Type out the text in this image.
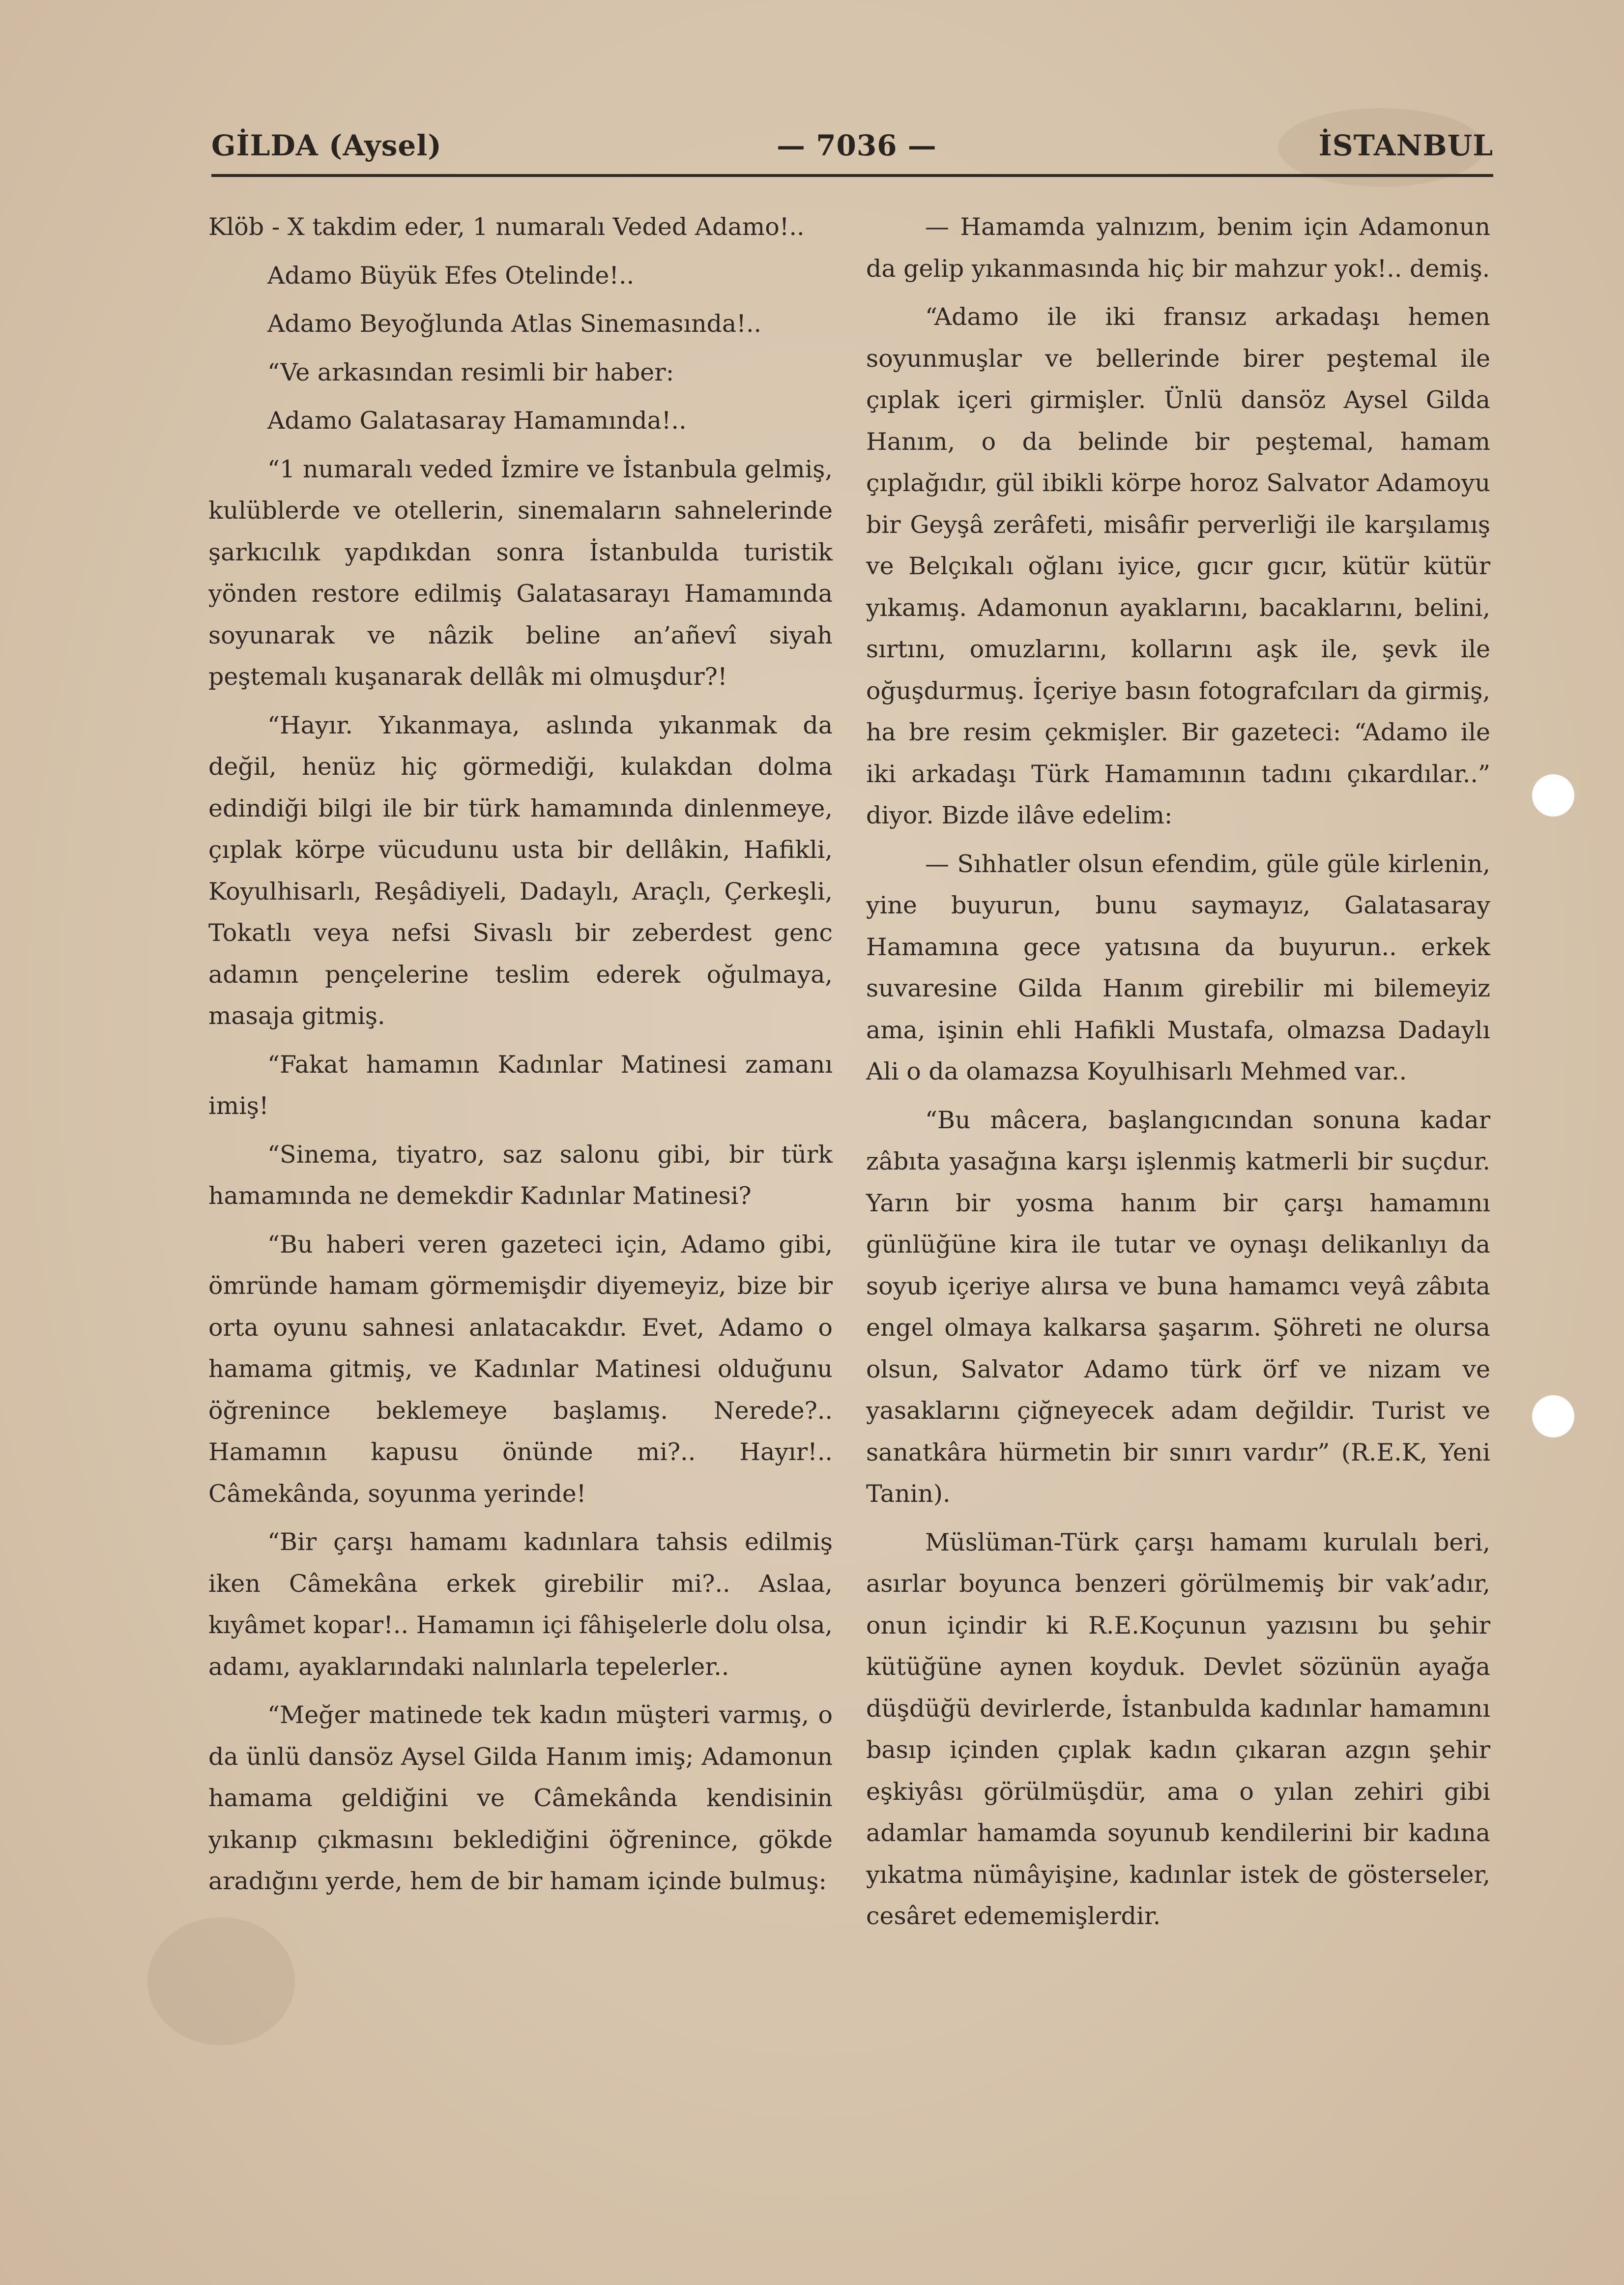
GİLDA (Aysel)	— 7036 —	İSTANBUL

Klöb - X takdim eder, 1 numaralı Veded Adamo!..

Adamo Büyük Efes Otelinde!..

Adamo Beyoğlunda Atlas Sinemasında!..

“Ve arkasından resimli bir haber:

Adamo Galatasaray Hamamında!..

“1 numaralı veded İzmire ve İstanbula gelmiş, kulüblerde ve otellerin, sinemaların sahnelerinde şarkıcılık yapdıkdan sonra İstanbulda turistik yönden restore edilmiş Galatasarayı Hamamında soyunarak ve nâzik beline an’añevî siyah peştemalı kuşanarak dellâk mi olmuşdur?!

“Hayır. Yıkanmaya, aslında yıkanmak da değil, henüz hiç görmediği, kulakdan dolma edindiği bilgi ile bir türk hamamında dinlenmeye, çıplak körpe vücudunu usta bir dellâkin, Hafikli, Koyulhisarlı, Reşâdiyeli, Dadaylı, Araçlı, Çerkeşli, Tokatlı veya nefsi Sivaslı bir zeberdest genc adamın pençelerine teslim ederek oğulmaya, masaja gitmiş.

“Fakat hamamın Kadınlar Matinesi zamanı imiş!

“Sinema, tiyatro, saz salonu gibi, bir türk hamamında ne demekdir Kadınlar Matinesi?

“Bu haberi veren gazeteci için, Adamo gibi, ömründe hamam görmemişdir diyemeyiz, bize bir orta oyunu sahnesi anlatacakdır. Evet, Adamo o hamama gitmiş, ve Kadınlar Matinesi olduğunu öğrenince beklemeye başlamış. Nerede?.. Hamamın kapusu önünde mi?.. Hayır!.. Câmekânda, soyunma yerinde!

“Bir çarşı hamamı kadınlara tahsis edilmiş iken Câmekâna erkek girebilir mi?.. Aslaa, kıyâmet kopar!.. Hamamın içi fâhişelerle dolu olsa, adamı, ayaklarındaki nalınlarla tepelerler..

“Meğer matinede tek kadın müşteri varmış, o da ünlü dansöz Aysel Gilda Hanım imiş; Adamonun hamama geldiğini ve Câmekânda kendisinin yıkanıp çıkmasını beklediğini öğrenince, gökde aradığını yerde, hem de bir hamam içinde bulmuş:

— Hamamda yalnızım, benim için Adamonun da gelip yıkanmasında hiç bir mahzur yok!.. demiş.

“Adamo ile iki fransız arkadaşı hemen soyunmuşlar ve bellerinde birer peştemal ile çıplak içeri girmişler. Ünlü dansöz Aysel Gilda Hanım, o da belinde bir peştemal, hamam çıplağıdır, gül ibikli körpe horoz Salvator Adamoyu bir Geyşâ zerâfeti, misâfir perverliği ile karşılamış ve Belçıkalı oğlanı iyice, gıcır gıcır, kütür kütür yıkamış. Adamonun ayaklarını, bacaklarını, belini, sırtını, omuzlarını, kollarını aşk ile, şevk ile oğuşdurmuş. İçeriye basın fotografcıları da girmiş, ha bre resim çekmişler. Bir gazeteci: “Adamo ile iki arkadaşı Türk Hamamının tadını çıkardılar..” diyor. Bizde ilâve edelim:

— Sıhhatler olsun efendim, güle güle kirlenin, yine buyurun, bunu saymayız, Galatasaray Hamamına gece yatısına da buyurun.. erkek suvaresine Gilda Hanım girebilir mi bilemeyiz ama, işinin ehli Hafikli Mustafa, olmazsa Dadaylı Ali o da olamazsa Koyulhisarlı Mehmed var..

“Bu mâcera, başlangıcından sonuna kadar zâbıta yasağına karşı işlenmiş katmerli bir suçdur. Yarın bir yosma hanım bir çarşı hamamını günlüğüne kira ile tutar ve oynaşı delikanlıyı da soyub içeriye alırsa ve buna hamamcı veyâ zâbıta engel olmaya kalkarsa şaşarım. Şöhreti ne olursa olsun, Salvator Adamo türk örf ve nizam ve yasaklarını çiğneyecek adam değildir. Turist ve sanatkâra hürmetin bir sınırı vardır” (R.E.K, Yeni Tanin).

Müslüman-Türk çarşı hamamı kurulalı beri, asırlar boyunca benzeri görülmemiş bir vak’adır, onun içindir ki R.E.Koçunun yazısını bu şehir kütüğüne aynen koyduk. Devlet sözünün ayağa düşdüğü devirlerde, İstanbulda kadınlar hamamını basıp içinden çıplak kadın çıkaran azgın şehir eşkiyâsı görülmüşdür, ama o yılan zehiri gibi adamlar hamamda soyunub kendilerini bir kadına yıkatma nümâyişine, kadınlar istek de gösterseler, cesâret edememişlerdir.
